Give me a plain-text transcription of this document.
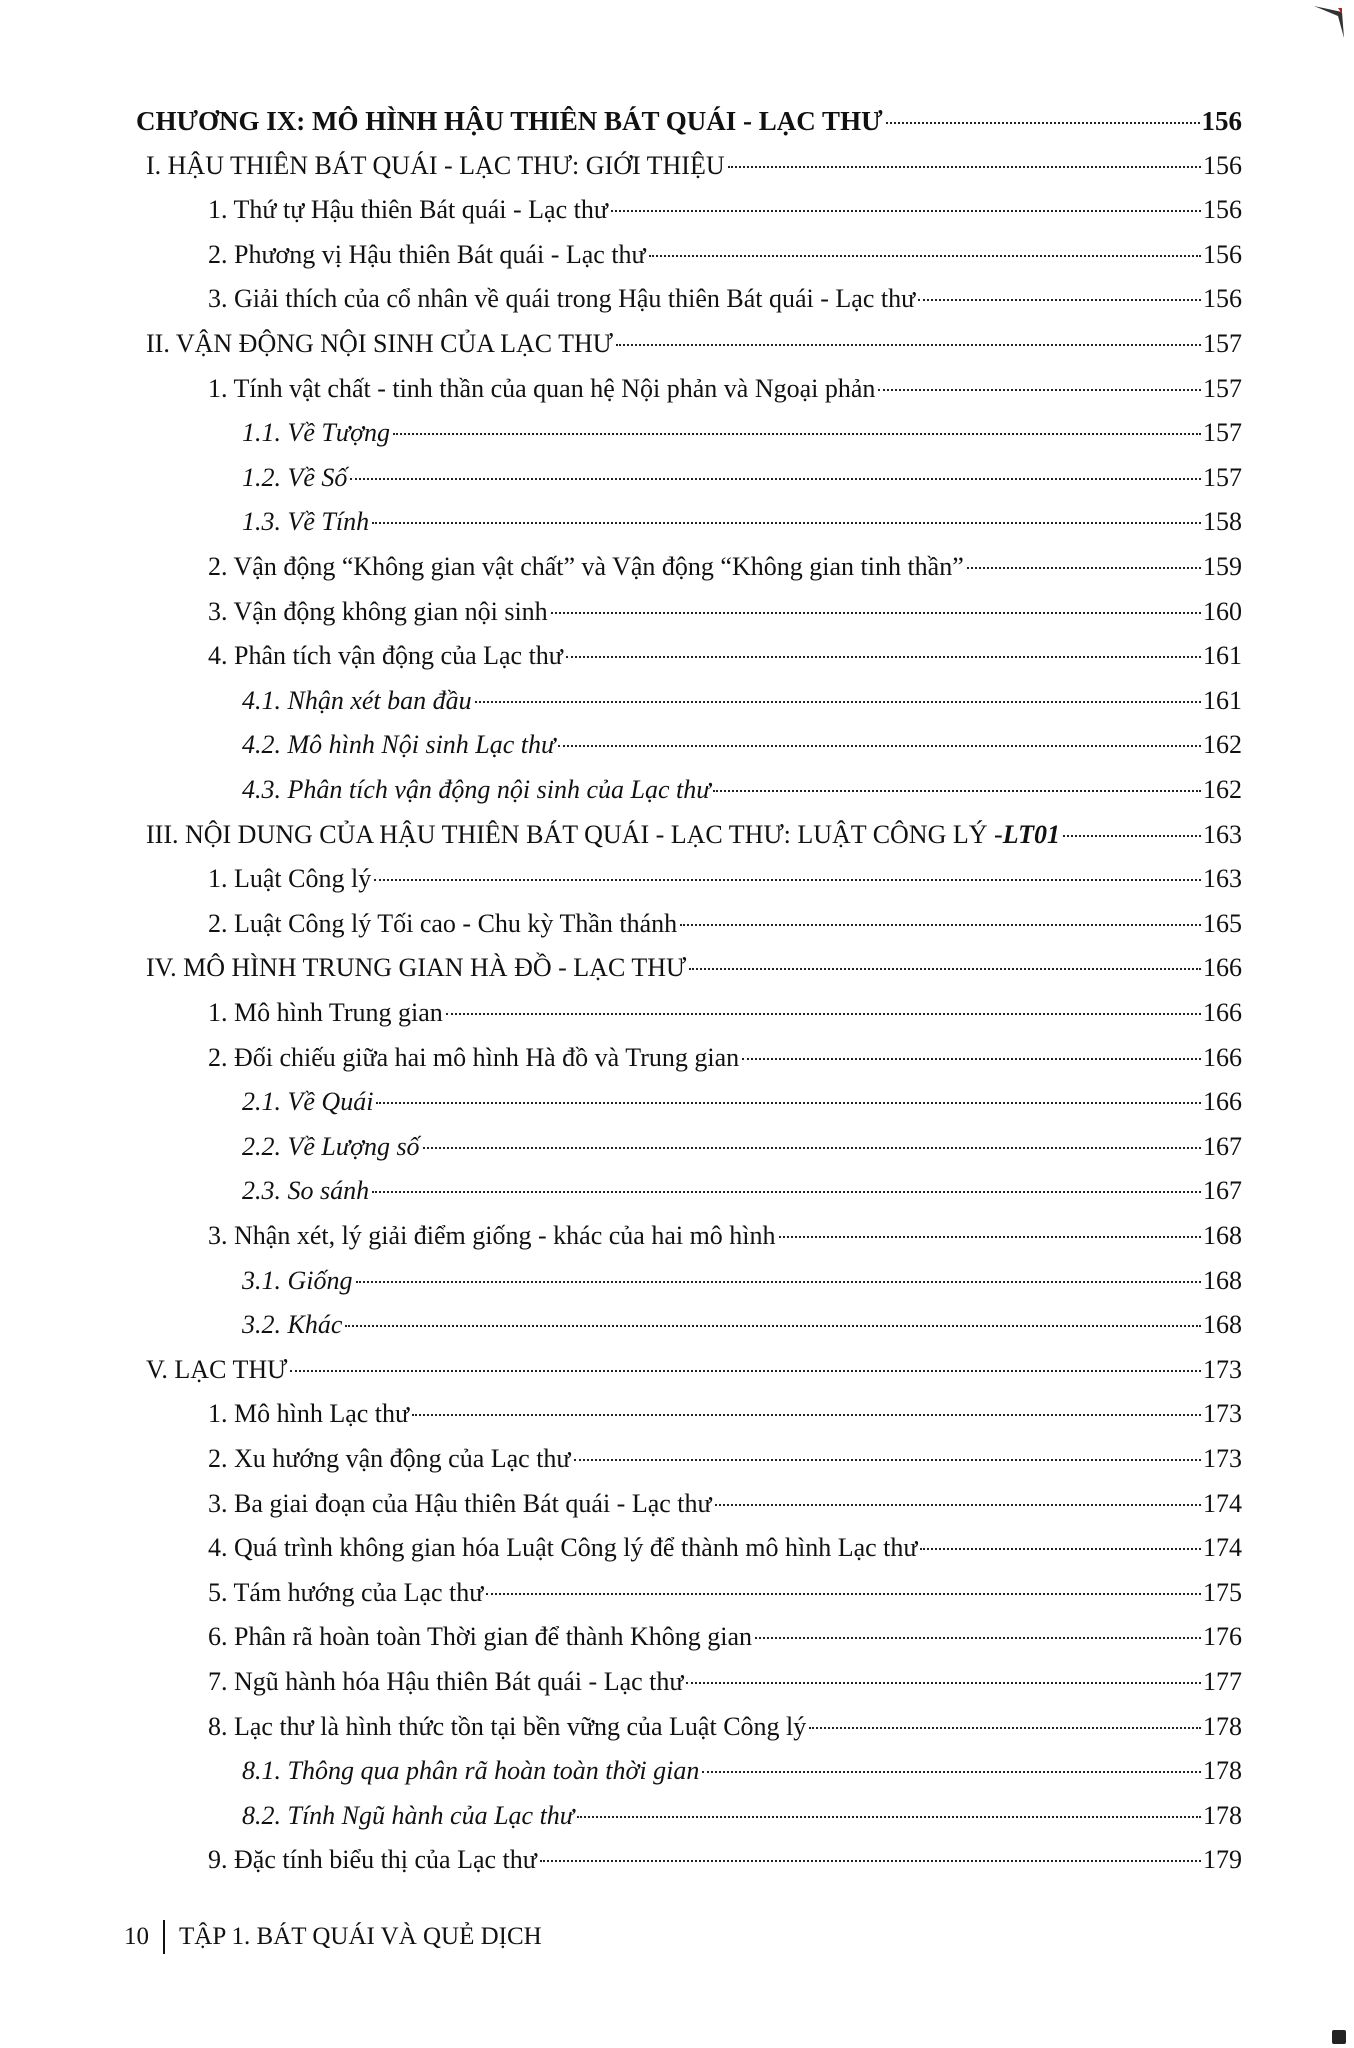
CHƯƠNG IX: MÔ HÌNH HẬU THIÊN BÁT QUÁI - LẠC THƯ	156
I. HẬU THIÊN BÁT QUÁI - LẠC THƯ: GIỚI THIỆU	156
1. Thứ tự Hậu thiên Bát quái - Lạc thư	156
2. Phương vị Hậu thiên Bát quái - Lạc thư	156
3. Giải thích của cổ nhân về quái trong Hậu thiên Bát quái - Lạc thư	156
II. VẬN ĐỘNG NỘI SINH CỦA LẠC THƯ	157
1. Tính vật chất - tinh thần của quan hệ Nội phản và Ngoại phản	157
1.1. Về Tượng	157
1.2. Về Số	157
1.3. Về Tính	158
2. Vận động “Không gian vật chất” và Vận động “Không gian tinh thần”	159
3. Vận động không gian nội sinh	160
4. Phân tích vận động của Lạc thư	161
4.1. Nhận xét ban đầu	161
4.2. Mô hình Nội sinh Lạc thư	162
4.3. Phân tích vận động nội sinh của Lạc thư	162
III. NỘI DUNG CỦA HẬU THIÊN BÁT QUÁI - LẠC THƯ: LUẬT CÔNG LÝ - LT01	163
1. Luật Công lý	163
2. Luật Công lý Tối cao - Chu kỳ Thần thánh	165
IV. MÔ HÌNH TRUNG GIAN HÀ ĐỒ - LẠC THƯ	166
1. Mô hình Trung gian	166
2. Đối chiếu giữa hai mô hình Hà đồ và Trung gian	166
2.1. Về Quái	166
2.2. Về Lượng số	167
2.3. So sánh	167
3. Nhận xét, lý giải điểm giống - khác của hai mô hình	168
3.1. Giống	168
3.2. Khác	168
V. LẠC THƯ	173
1. Mô hình Lạc thư	173
2. Xu hướng vận động của Lạc thư	173
3. Ba giai đoạn của Hậu thiên Bát quái - Lạc thư	174
4. Quá trình không gian hóa Luật Công lý để thành mô hình Lạc thư	174
5. Tám hướng của Lạc thư	175
6. Phân rã hoàn toàn Thời gian để thành Không gian	176
7. Ngũ hành hóa Hậu thiên Bát quái - Lạc thư	177
8. Lạc thư là hình thức tồn tại bền vững của Luật Công lý	178
8.1. Thông qua phân rã hoàn toàn thời gian	178
8.2. Tính Ngũ hành của Lạc thư	178
9. Đặc tính biểu thị của Lạc thư	179
10 TẬP 1. BÁT QUÁI VÀ QUẺ DỊCH
